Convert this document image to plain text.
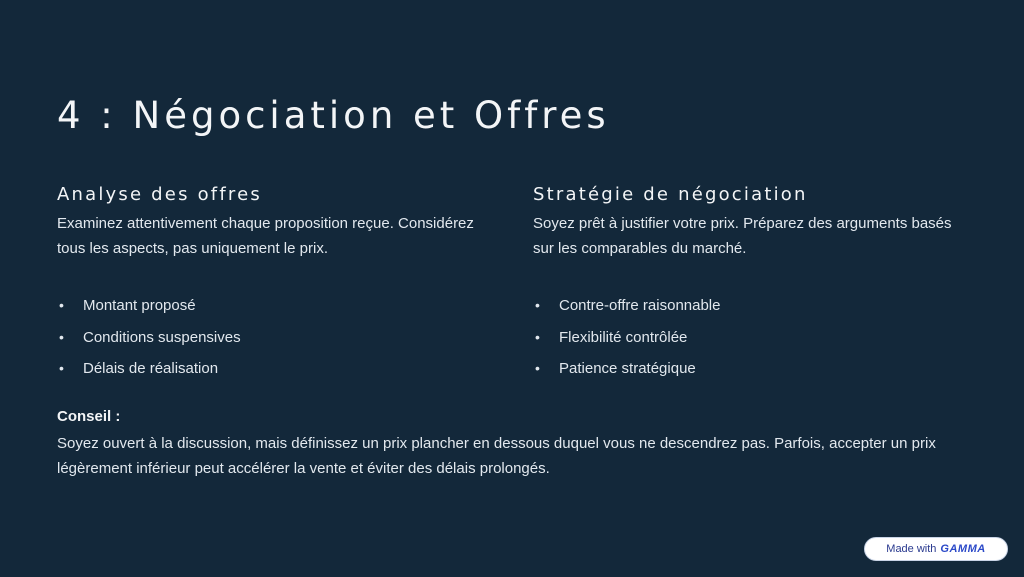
4 : Négociation et Offres
Analyse des offres

Examinez attentivement chaque proposition reçue. Considérez tous les aspects, pas uniquement le prix.

• Montant proposé
• Conditions suspensives
• Délais de réalisation
Stratégie de négociation

Soyez prêt à justifier votre prix. Préparez des arguments basés sur les comparables du marché.

• Contre-offre raisonnable
• Flexibilité contrôlée
• Patience stratégique
Conseil :

Soyez ouvert à la discussion, mais définissez un prix plancher en dessous duquel vous ne descendrez pas. Parfois, accepter un prix légèrement inférieur peut accélérer la vente et éviter des délais prolongés.

Made with GAMMA
